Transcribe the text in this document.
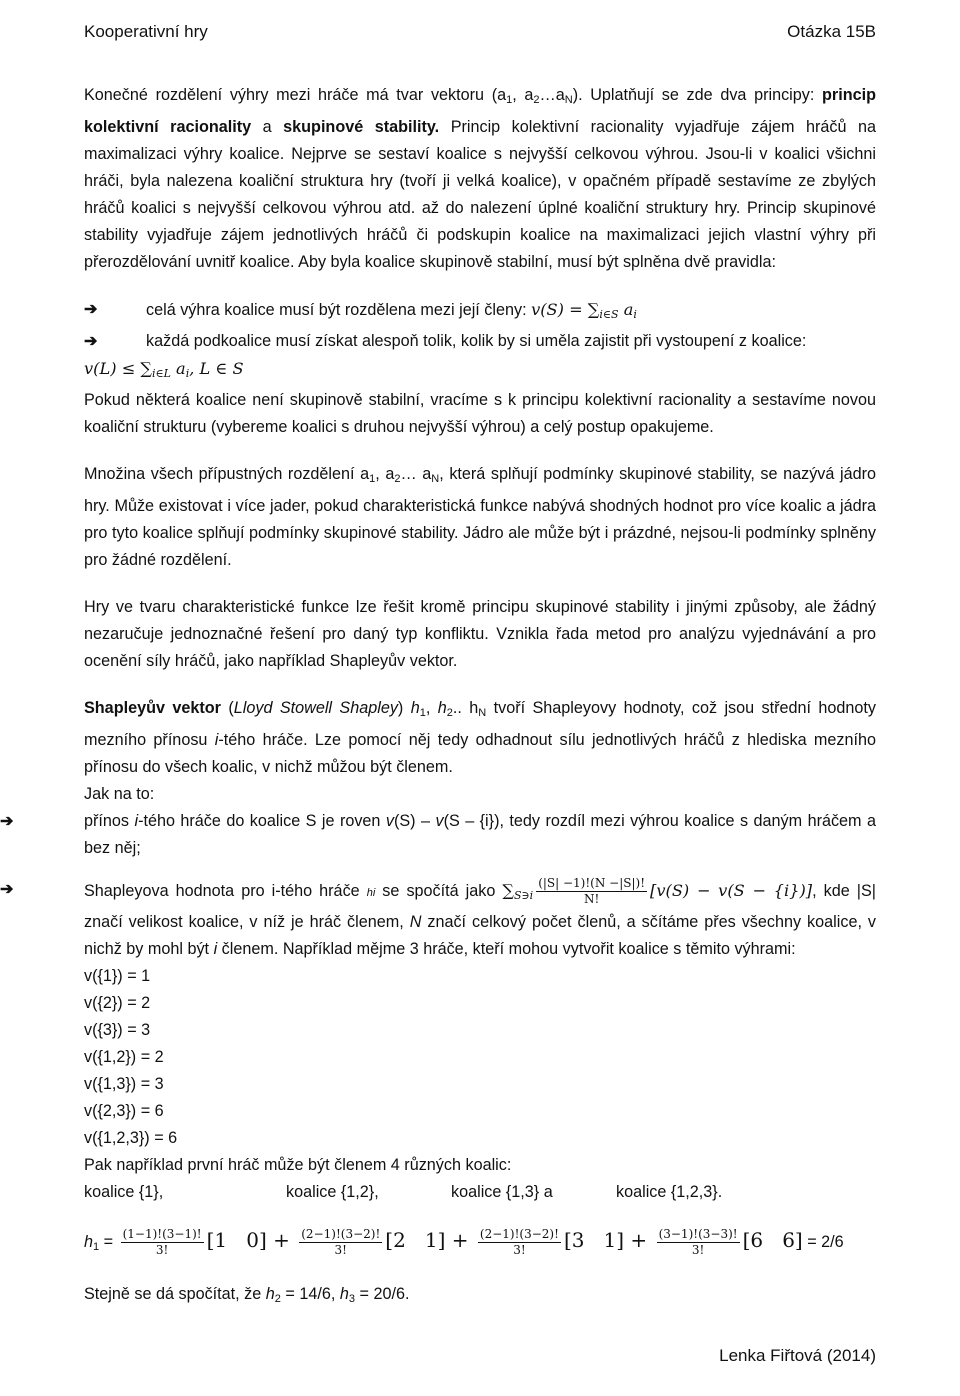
Kooperativní hry	Otázka 15B

Konečné rozdělení výhry mezi hráče má tvar vektoru ($a_1$, $a_2\dots a_N$). Uplatňují se zde dva principy: princip kolektivní racionality a skupinové stability. Princip kolektivní racionality vyjadřuje zájem hráčů na maximalizaci výhry koalice. Nejprve se sestaví koalice s nejvyšší celkovou výhrou. Jsou-li v koalici všichni hráči, byla nalezena koaliční struktura hry (tvoří ji velká koalice), v opačném případě sestavíme ze zbylých hráčů koalici s nejvyšší celkovou výhrou atd. až do nalezení úplné koaliční struktury hry. Princip skupinové stability vyjadřuje zájem jednotlivých hráčů či podskupin koalice na maximalizaci jejich vlastní výhry při přerozdělování uvnitř koalice. Aby byla koalice skupinově stabilní, musí být splněna dvě pravidla:

➔	celá výhra koalice musí být rozdělena mezi její členy: $v(S) = \sum_{i\in S}$ $a_i$
➔	každá podkoalice musí získat alespoň tolik, kolik by si uměla zajistit při vystoupení z koalice:
$v(L) \le \sum_{i\in L}$ $a_i$, L ∈ S

Pokud některá koalice není skupinově stabilní, vracíme s k principu kolektivní racionality a sestavíme novou koaliční strukturu (vybereme koalici s druhou nejvyšší výhrou) a celý postup opakujeme.

Množina všech přípustných rozdělení $a_1$, $a_2\dots$ $a_N$, která splňují podmínky skupinové stability, se nazývá jádro hry. Může existovat i více jader, pokud charakteristická funkce nabývá shodných hodnot pro více koalic a jádra pro tyto koalice splňují podmínky skupinové stability. Jádro ale může být i prázdné, nejsou-li podmínky splněny pro žádné rozdělení.

Hry ve tvaru charakteristické funkce lze řešit kromě principu skupinové stability i jinými způsoby, ale žádný nezaručuje jednoznačné řešení pro daný typ konfliktu. Vznikla řada metod pro analýzu vyjednávání a pro ocenění síly hráčů, jako například Shapleyův vektor.

Shapleyův vektor (Lloyd Stowell Shapley) $h_1$, $h_2$.. $h_N$ tvoří Shapleyovy hodnoty, což jsou střední hodnoty mezního přínosu i-tého hráče. Lze pomocí něj tedy odhadnout sílu jednotlivých hráčů z hlediska mezního přínosu do všech koalic, v nichž můžou být členem.

Jak na to:
➔	přínos i-tého hráče do koalice S je roven v(S) – v(S – {i}), tedy rozdíl mezi výhrou koalice s daným hráčem a bez něj;

➔	Shapleyova hodnota pro i-tého hráče hi se spočítá jako $\sum_{S∋i} \frac{(|S| -1)!(N -|S|)!}{N!} [v(S) - v(S - \{i\})]$, kde |S| značí velikost koalice, v níž je hráč členem, N značí celkový počet členů, a sčítáme přes všechny koalice, v nichž by mohl být i členem. Například mějme 3 hráče, kteří mohou vytvořit koalice s těmito výhrami:

v({1}) = 1
v({2}) = 2
v({3}) = 3
v({1,2}) = 2
v({1,3}) = 3
v({2,3}) = 6
v({1,2,3}) = 6
Pak například první hráč může být členem 4 různých koalic:
koalice {1},	koalice {1,2},	koalice {1,3} a	koalice {1,2,3}.
$h_1 = \frac{(1-1)!(3-1)!}{3!} [1$   $0] + \frac{(2-1)!(3-2)!}{3!} [2$   $1] + \frac{(2-1)!(3-2)!}{3!} [3$   $1] + \frac{(3-1)!(3-3)!}{3!} [6$   6] = 2/6
Stejně se dá spočítat, že $h_2 = 14/6$, $h_3 = 20/6$.
Lenka Fiřtová (2014)
